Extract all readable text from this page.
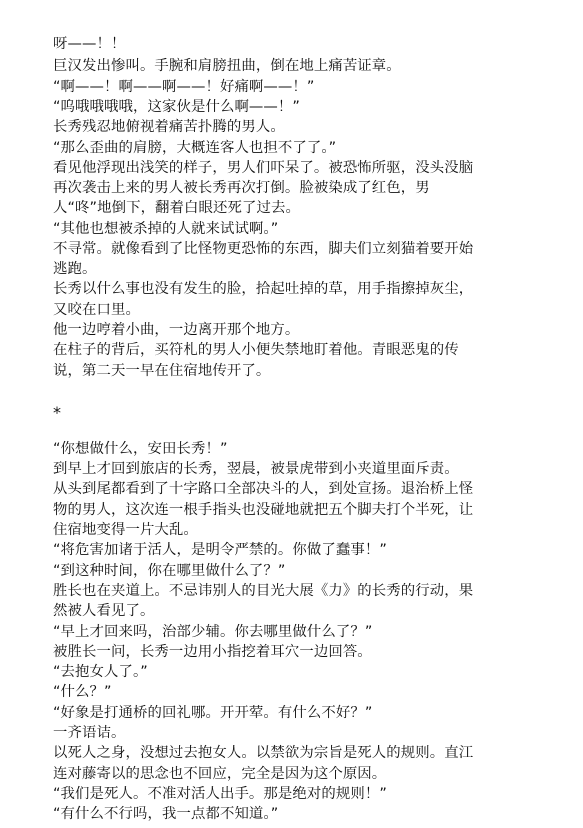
呀——！！
巨汉发出惨叫。手腕和肩膀扭曲，倒在地上痛苦证章。
“啊——！啊——啊——！好痛啊——！”
“呜哦哦哦哦，这家伙是什么啊——！”
长秀残忍地俯视着痛苦扑腾的男人。
“那么歪曲的肩膀，大概连客人也担不了了。”
看见他浮现出浅笑的样子，男人们吓呆了。被恐怖所驱，没头没脑
再次袭击上来的男人被长秀再次打倒。脸被染成了红色，男
人“咚”地倒下，翻着白眼还死了过去。
“其他也想被杀掉的人就来试试啊。”
不寻常。就像看到了比怪物更恐怖的东西，脚夫们立刻猫着要开始
逃跑。
长秀以什么事也没有发生的脸，拾起吐掉的草，用手指擦掉灰尘，
又咬在口里。
他一边哼着小曲，一边离开那个地方。
在柱子的背后，买符札的男人小便失禁地盯着他。青眼恶鬼的传
说，第二天一早在住宿地传开了。
*
“你想做什么，安田长秀！”
到早上才回到旅店的长秀，翌晨，被景虎带到小夹道里面斥责。
从头到尾都看到了十字路口全部决斗的人，到处宣扬。退治桥上怪
物的男人，这次连一根手指头也没碰地就把五个脚夫打个半死，让
住宿地变得一片大乱。
“将危害加诸于活人，是明令严禁的。你做了蠢事！”
“到这种时间，你在哪里做什么了？”
胜长也在夹道上。不忌讳别人的目光大展《力》的长秀的行动，果
然被人看见了。
“早上才回来吗，治部少辅。你去哪里做什么了？”
被胜长一问，长秀一边用小指挖着耳穴一边回答。
“去抱女人了。”
“什么？”
“好象是打通桥的回礼哪。开开荤。有什么不好？”
一齐语诘。
以死人之身，没想过去抱女人。以禁欲为宗旨是死人的规则。直江
连对藤寄以的思念也不回应，完全是因为这个原因。
“我们是死人。不准对活人出手。那是绝对的规则！”
“有什么不行吗，我一点都不知道。”
